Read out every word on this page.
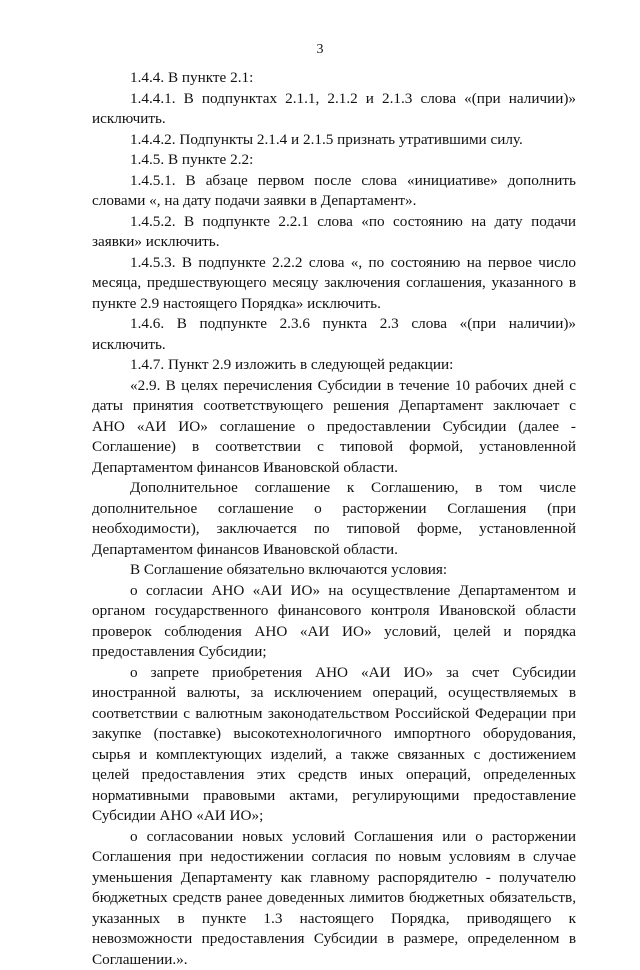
3

1.4.4. В пункте 2.1:

1.4.4.1. В подпунктах 2.1.1, 2.1.2 и 2.1.3 слова «(при наличии)» исключить.

1.4.4.2. Подпункты 2.1.4 и 2.1.5 признать утратившими силу.

1.4.5. В пункте 2.2:

1.4.5.1. В абзаце первом после слова «инициативе» дополнить словами «, на дату подачи заявки в Департамент».

1.4.5.2. В подпункте 2.2.1 слова «по состоянию на дату подачи заявки» исключить.

1.4.5.3. В подпункте 2.2.2 слова «, по состоянию на первое число месяца, предшествующего месяцу заключения соглашения, указанного в пункте 2.9 настоящего Порядка» исключить.

1.4.6. В подпункте 2.3.6 пункта 2.3 слова «(при наличии)» исключить.

1.4.7. Пункт 2.9 изложить в следующей редакции:

«2.9. В целях перечисления Субсидии в течение 10 рабочих дней с даты принятия соответствующего решения Департамент заключает с АНО «АИ ИО» соглашение о предоставлении Субсидии (далее - Соглашение) в соответствии с типовой формой, установленной Департаментом финансов Ивановской области.

Дополнительное соглашение к Соглашению, в том числе дополнительное соглашение о расторжении Соглашения (при необходимости), заключается по типовой форме, установленной Департаментом финансов Ивановской области.

В Соглашение обязательно включаются условия:

о согласии АНО «АИ ИО» на осуществление Департаментом и органом государственного финансового контроля Ивановской области проверок соблюдения АНО «АИ ИО» условий, целей и порядка предоставления Субсидии;

о запрете приобретения АНО «АИ ИО» за счет Субсидии иностранной валюты, за исключением операций, осуществляемых в соответствии с валютным законодательством Российской Федерации при закупке (поставке) высокотехнологичного импортного оборудования, сырья и комплектующих изделий, а также связанных с достижением целей предоставления этих средств иных операций, определенных нормативными правовыми актами, регулирующими предоставление Субсидии АНО «АИ ИО»;

о согласовании новых условий Соглашения или о расторжении Соглашения при недостижении согласия по новым условиям в случае уменьшения Департаменту как главному распорядителю - получателю бюджетных средств ранее доведенных лимитов бюджетных обязательств, указанных в пункте 1.3 настоящего Порядка, приводящего к невозможности предоставления Субсидии в размере, определенном в Соглашении.».
